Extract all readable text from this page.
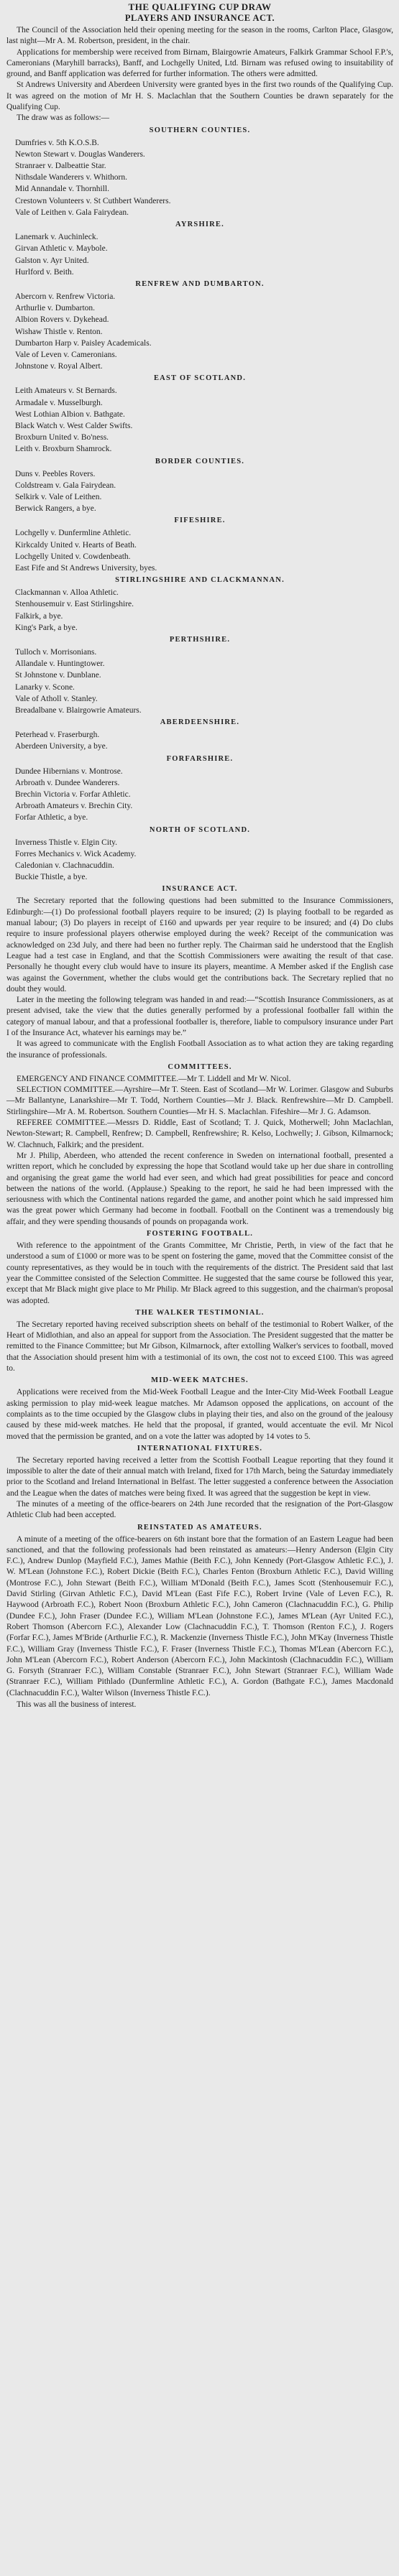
THE QUALIFYING CUP DRAW
PLAYERS AND INSURANCE ACT.

The Council of the Association held their opening meeting for the season in the rooms, Carlton Place, Glasgow, last night—Mr A. M. Robertson, president, in the chair.

Applications for membership were received from Birnam, Blairgowrie Amateurs, Falkirk Grammar School F.P.'s, Cameronians (Maryhill barracks), Banff, and Lochgelly United, Ltd. Birnam was refused owing to insuitability of ground, and Banff application was deferred for further information. The others were admitted.

St Andrews University and Aberdeen University were granted byes in the first two rounds of the Qualifying Cup. It was agreed on the motion of Mr H. S. Maclachlan that the Southern Counties be drawn separately for the Qualifying Cup.

The draw was as follows:—

SOUTHERN COUNTIES.
Dumfries v. 5th K.O.S.B.
Newton Stewart v. Douglas Wanderers.
Stranraer v. Dalbeattie Star.
Nithsdale Wanderers v. Whithorn.
Mid Annandale v. Thornhill.
Crestown Volunteers v. St Cuthbert Wanderers.
Vale of Leithen v. Gala Fairydean.
AYRSHIRE.
Lanemark v. Auchinleck.
Girvan Athletic v. Maybole.
Galston v. Ayr United.
Hurlford v. Beith.
RENFREW AND DUMBARTON.
Abercorn v. Renfrew Victoria.
Arthurlie v. Dumbarton.
Albion Rovers v. Dykehead.
Wishaw Thistle v. Renton.
Dumbarton Harp v. Paisley Academicals.
Vale of Leven v. Cameronians.
Johnstone v. Royal Albert.
EAST OF SCOTLAND.
Leith Amateurs v. St Bernards.
Armadale v. Musselburgh.
West Lothian Albion v. Bathgate.
Black Watch v. West Calder Swifts.
Broxburn United v. Bo'ness.
Leith v. Broxburn Shamrock.
BORDER COUNTIES.
Duns v. Peebles Rovers.
Coldstream v. Gala Fairydean.
Selkirk v. Vale of Leithen.
Berwick Rangers, a bye.
FIFESHIRE.
Lochgelly v. Dunfermline Athletic.
Kirkcaldy United v. Hearts of Beath.
Lochgelly United v. Cowdenbeath.
East Fife and St Andrews University, byes.
STIRLINGSHIRE AND CLACKMANNAN.
Clackmannan v. Alloa Athletic.
Stenhousemuir v. East Stirlingshire.
Falkirk, a bye.
King's Park, a bye.
PERTHSHIRE.
Tulloch v. Morrisonians.
Allandale v. Huntingtower.
St Johnstone v. Dunblane.
Lanarky v. Scone.
Vale of Atholl v. Stanley.
Breadalbane v. Blairgowrie Amateurs.
ABERDEENSHIRE.
Peterhead v. Fraserburgh.
Aberdeen University, a bye.
FORFARSHIRE.
Dundee Hibernians v. Montrose.
Arbroath v. Dundee Wanderers.
Brechin Victoria v. Forfar Athletic.
Arbroath Amateurs v. Brechin City.
Forfar Athletic, a bye.
NORTH OF SCOTLAND.
Inverness Thistle v. Elgin City.
Forres Mechanics v. Wick Academy.
Caledonian v. Clachnacuddin.
Buckie Thistle, a bye.
INSURANCE ACT.

The Secretary reported that the following questions had been submitted to the Insurance Commissioners, Edinburgh:—(1) Do professional football players require to be insured; (2) Is playing football to be regarded as manual labour; (3) Do players in receipt of £160 and upwards per year require to be insured; and (4) Do clubs require to insure professional players otherwise employed during the week? Receipt of the communication was acknowledged on 23d July, and there had been no further reply. The Chairman said he understood that the English League had a test case in England, and that the Scottish Commissioners were awaiting the result of that case. Personally he thought every club would have to insure its players, meantime. A Member asked if the English case was against the Government, whether the clubs would get the contributions back. The Secretary replied that no doubt they would.

Later in the meeting the following telegram was handed in and read:—“Scottish Insurance Commissioners, as at present advised, take the view that the duties generally performed by a professional footballer fall within the category of manual labour, and that a professional footballer is, therefore, liable to compulsory insurance under Part I of the Insurance Act, whatever his earnings may be.”

It was agreed to communicate with the English Football Association as to what action they are taking regarding the insurance of professionals.

COMMITTEES.

EMERGENCY AND FINANCE COMMITTEE.—Mr T. Liddell and Mr W. Nicol.

SELECTION COMMITTEE.—Ayrshire—Mr T. Steen. East of Scotland—Mr W. Lorimer. Glasgow and Suburbs—Mr Ballantyne, Lanarkshire—Mr T. Todd, Northern Counties—Mr J. Black. Renfrewshire—Mr D. Campbell. Stirlingshire—Mr A. M. Robertson. Southern Counties—Mr H. S. Maclachlan. Fifeshire—Mr J. G. Adamson.

REFEREE COMMITTEE.—Messrs D. Riddle, East of Scotland; T. J. Quick, Motherwell; John Maclachlan, Newton-Stewart; R. Campbell, Renfrew; D. Campbell, Renfrewshire; R. Kelso, Lochwelly; J. Gibson, Kilmarnock; W. Clachnuch, Falkirk; and the president.

Mr J. Philip, Aberdeen, who attended the recent conference in Sweden on international football, presented a written report, which he concluded by expressing the hope that Scotland would take up her due share in controlling and organising the great game the world had ever seen, and which had great possibilities for peace and concord between the nations of the world. (Applause.) Speaking to the report, he said he had been impressed with the seriousness with which the Continental nations regarded the game, and another point which he said impressed him was the great power which Germany had become in football. Football on the Continent was a tremendously big affair, and they were spending thousands of pounds on propaganda work.

FOSTERING FOOTBALL.

With reference to the appointment of the Grants Committee, Mr Christie, Perth, in view of the fact that he understood a sum of £1000 or more was to be spent on fostering the game, moved that the Committee consist of the county representatives, as they would be in touch with the requirements of the district. The President said that last year the Committee consisted of the Selection Committee. He suggested that the same course be followed this year, except that Mr Black might give place to Mr Philip. Mr Black agreed to this suggestion, and the chairman's proposal was adopted.

THE WALKER TESTIMONIAL.

The Secretary reported having received subscription sheets on behalf of the testimonial to Robert Walker, of the Heart of Midlothian, and also an appeal for support from the Association. The President suggested that the matter be remitted to the Finance Committee; but Mr Gibson, Kilmarnock, after extolling Walker's services to football, moved that the Association should present him with a testimonial of its own, the cost not to exceed £100. This was agreed to.

MID-WEEK MATCHES.

Applications were received from the Mid-Week Football League and the Inter-City Mid-Week Football League asking permission to play mid-week league matches. Mr Adamson opposed the applications, on account of the complaints as to the time occupied by the Glasgow clubs in playing their ties, and also on the ground of the jealousy caused by these mid-week matches. He held that the proposal, if granted, would accentuate the evil. Mr Nicol moved that the permission be granted, and on a vote the latter was adopted by 14 votes to 5.

INTERNATIONAL FIXTURES.

The Secretary reported having received a letter from the Scottish Football League reporting that they found it impossible to alter the date of their annual match with Ireland, fixed for 17th March, being the Saturday immediately prior to the Scotland and Ireland International in Belfast. The letter suggested a conference between the Association and the League when the dates of matches were being fixed. It was agreed that the suggestion be kept in view.

The minutes of a meeting of the office-bearers on 24th June recorded that the resignation of the Port-Glasgow Athletic Club had been accepted.

REINSTATED AS AMATEURS.

A minute of a meeting of the office-bearers on 6th instant bore that the formation of an Eastern League had been sanctioned, and that the following professionals had been reinstated as amateurs:—Henry Anderson (Elgin City F.C.), Andrew Dunlop (Mayfield F.C.), James Mathie (Beith F.C.), John Kennedy (Port-Glasgow Athletic F.C.), J. W. M'Lean (Johnstone F.C.), Robert Dickie (Beith F.C.), Charles Fenton (Broxburn Athletic F.C.), David Willing (Montrose F.C.), John Stewart (Beith F.C.), William M'Donald (Beith F.C.), James Scott (Stenhousemuir F.C.), David Stirling (Girvan Athletic F.C.), David M'Lean (East Fife F.C.), Robert Irvine (Vale of Leven F.C.), R. Haywood (Arbroath F.C.), Robert Noon (Broxburn Athletic F.C.), John Cameron (Clachnacuddin F.C.), G. Philip (Dundee F.C.), John Fraser (Dundee F.C.), William M'Lean (Johnstone F.C.), James M'Lean (Ayr United F.C.), Robert Thomson (Abercorn F.C.), Alexander Low (Clachnacuddin F.C.), T. Thomson (Renton F.C.), J. Rogers (Forfar F.C.), James M'Bride (Arthurlie F.C.), R. Mackenzie (Inverness Thistle F.C.), John M'Kay (Inverness Thistle F.C.), William Gray (Inverness Thistle F.C.), F. Fraser (Inverness Thistle F.C.), Thomas M'Lean (Abercorn F.C.), John M'Lean (Abercorn F.C.), Robert Anderson (Abercorn F.C.), John Mackintosh (Clachnacuddin F.C.), William G. Forsyth (Stranraer F.C.), William Constable (Stranraer F.C.), John Stewart (Stranraer F.C.), William Wade (Stranraer F.C.), William Pithlado (Dunfermline Athletic F.C.), A. Gordon (Bathgate F.C.), James Macdonald (Clachnacuddin F.C.), Walter Wilson (Inverness Thistle F.C.).

This was all the business of interest.
